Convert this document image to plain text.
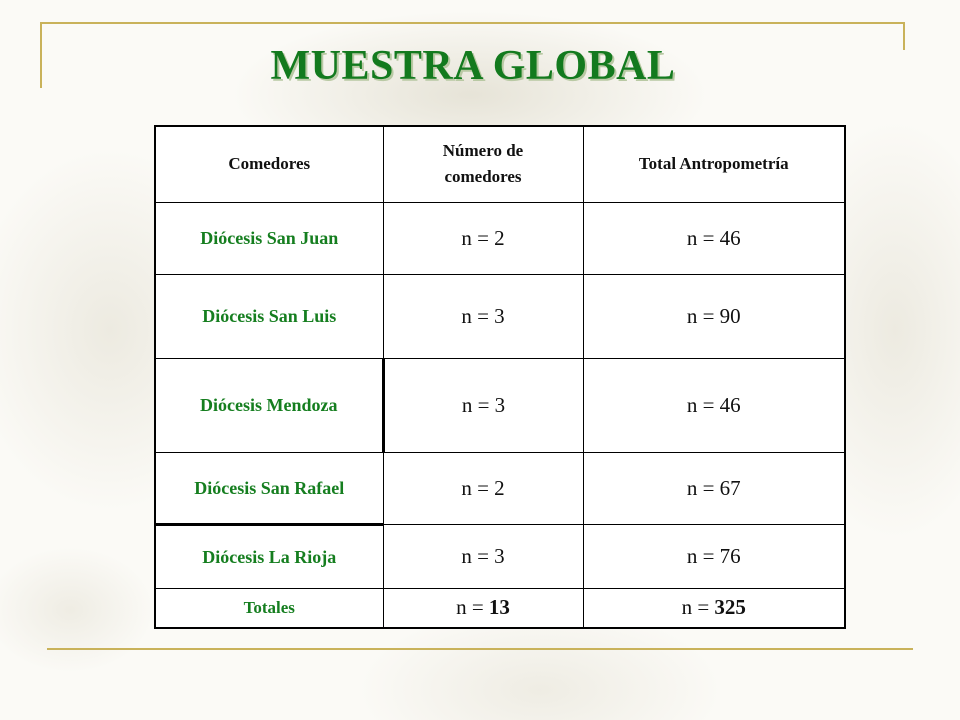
MUESTRA GLOBAL
Comedores	Número de comedores	Total Antropometría
Diócesis San Juan	n = 2	n = 46
Diócesis San Luis	n = 3	n = 90
Diócesis Mendoza	n = 3	n = 46
Diócesis San Rafael	n = 2	n = 67
Diócesis La Rioja	n = 3	n = 76
Totales	n = 13	n = 325
